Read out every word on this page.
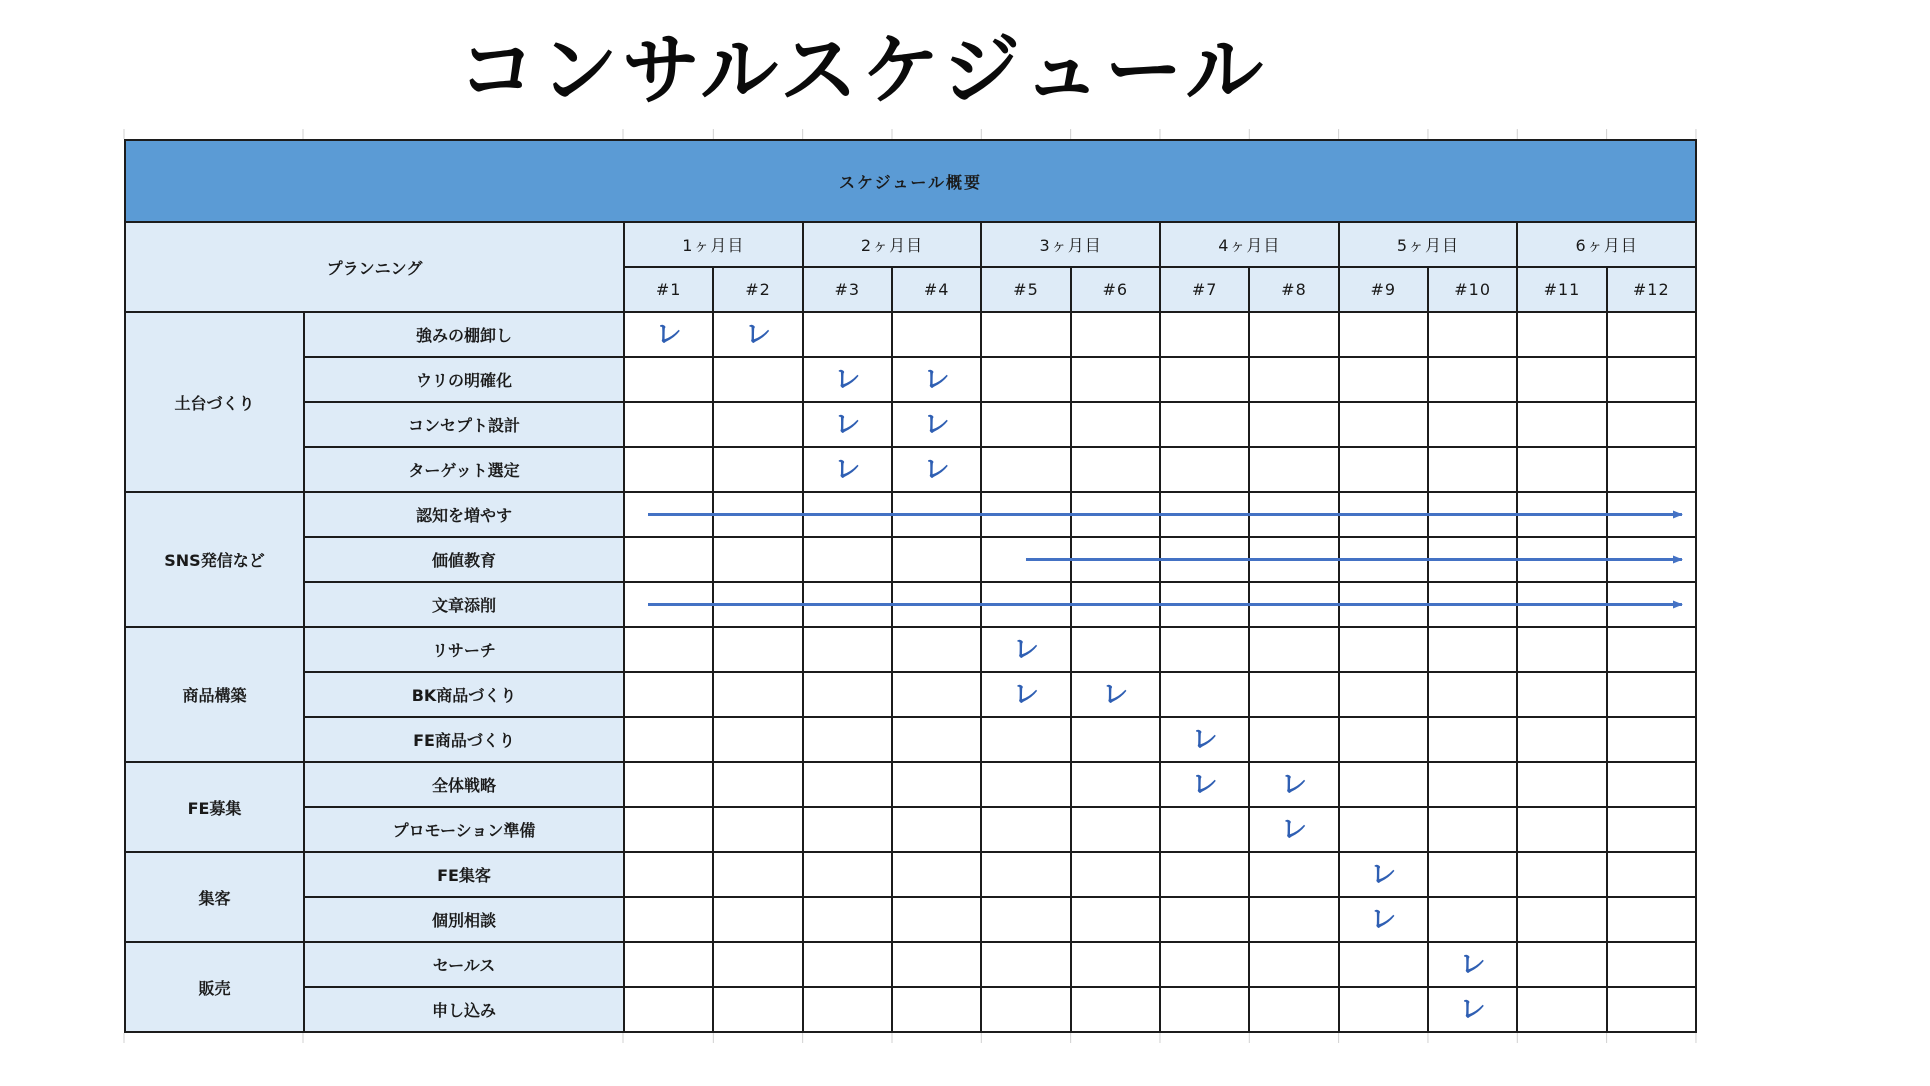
コンサルスケジュール
スケジュール概要													
プランニング		1ヶ月目		2ヶ月目		3ヶ月目		4ヶ月目		5ヶ月目		6ヶ月目	
		#1	#2	#3	#4	#5	#6	#7	#8	#9	#10	#11	#12
土台づくり	強みの棚卸し	レ	レ										
	ウリの明確化			レ	レ								
	コンセプト設計			レ	レ								
	ターゲット選定			レ	レ								
SNS発信など	認知を増やす												
	価値教育												
	文章添削												
商品構築	リサーチ					レ							
	BK商品づくり					レ	レ						
	FE商品づくり							レ					
FE募集	全体戦略							レ	レ				
	プロモーション準備								レ				
集客	FE集客									レ			
	個別相談									レ			
販売	セールス										レ		
	申し込み										レ		
